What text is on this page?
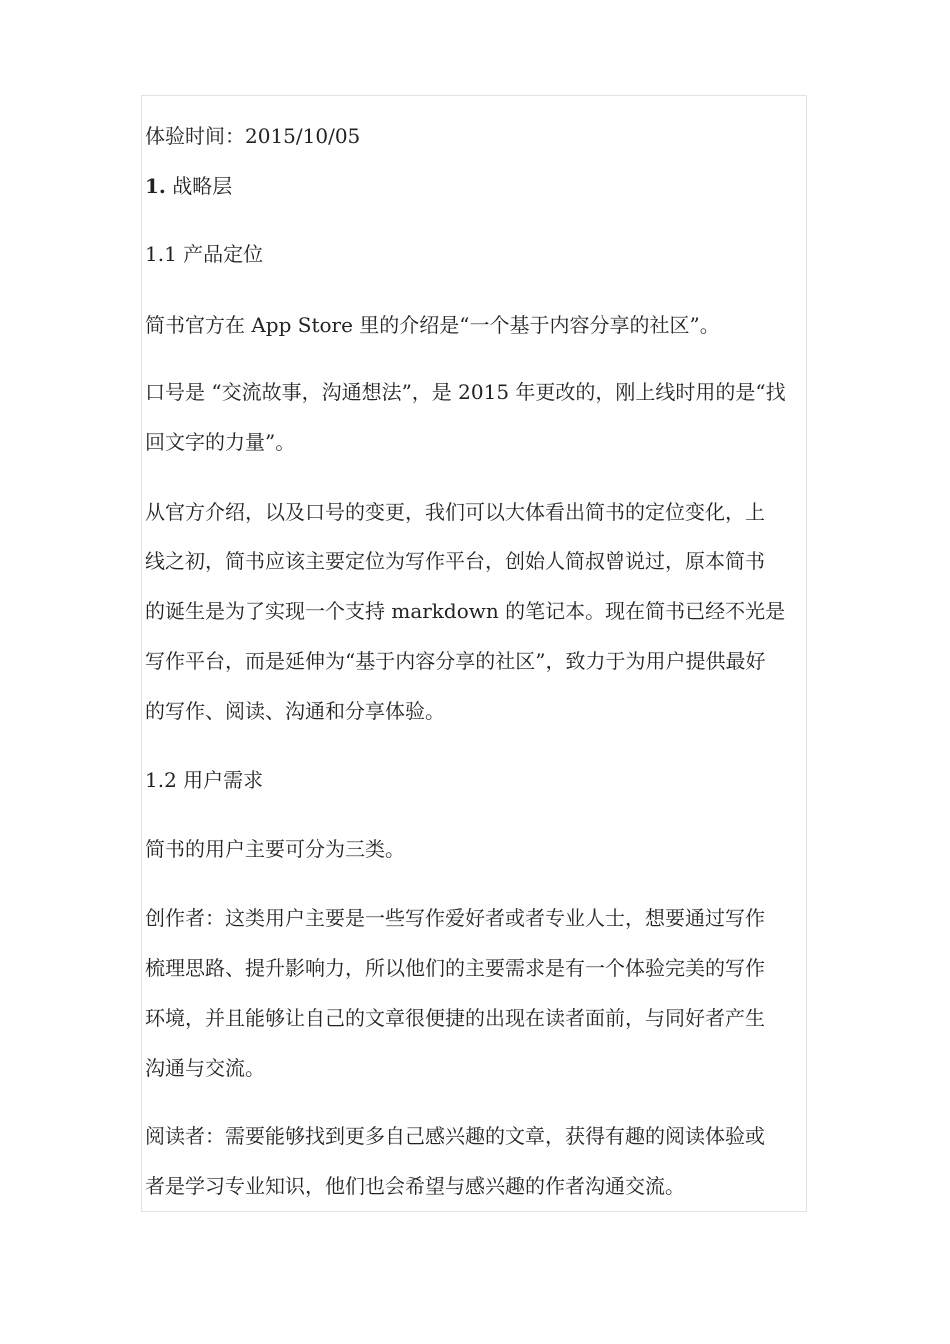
体验时间：2015/10/05
1. 战略层
1.1 产品定位
简书官方在 App Store 里的介绍是“一个基于内容分享的社区”。
口号是 “交流故事，沟通想法”，是 2015 年更改的，刚上线时用的是“找
回文字的力量”。
从官方介绍，以及口号的变更，我们可以大体看出简书的定位变化，上
线之初，简书应该主要定位为写作平台，创始人简叔曾说过，原本简书
的诞生是为了实现一个支持 markdown 的笔记本。现在简书已经不光是
写作平台，而是延伸为“基于内容分享的社区”，致力于为用户提供最好
的写作、阅读、沟通和分享体验。
1.2 用户需求
简书的用户主要可分为三类。
创作者：这类用户主要是一些写作爱好者或者专业人士，想要通过写作
梳理思路、提升影响力，所以他们的主要需求是有一个体验完美的写作
环境，并且能够让自己的文章很便捷的出现在读者面前，与同好者产生
沟通与交流。
阅读者：需要能够找到更多自己感兴趣的文章，获得有趣的阅读体验或
者是学习专业知识，他们也会希望与感兴趣的作者沟通交流。
